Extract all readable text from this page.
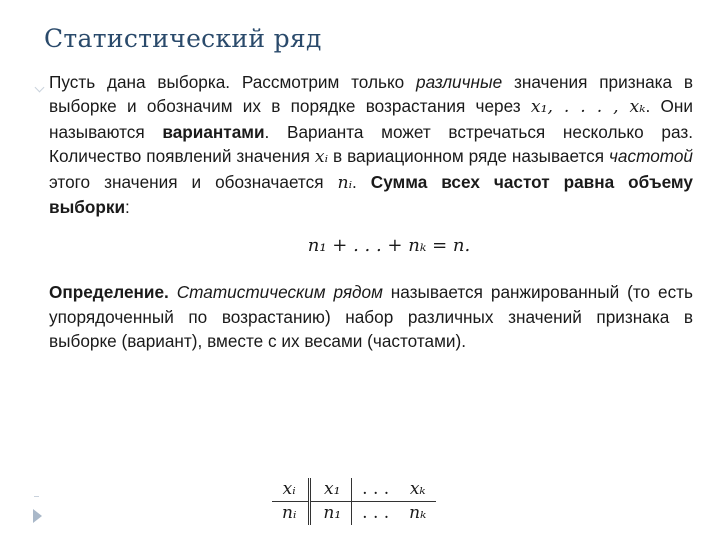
Статистический ряд

Пусть дана выборка. Рассмотрим только различные значения признака в выборке и обозначим их в порядке возрастания через x₁, . . . , xₖ. Они называются вариантами. Варианта может встречаться несколько раз. Количество появлений значения xᵢ в вариационном ряде называется частотой этого значения и обозначается nᵢ. Сумма всех частот равна объему выборки:

n₁ + . . . + nₖ = n.

Определение. Статистическим рядом называется ранжированный (то есть упорядоченный по возрастанию) набор различных значений признака в выборке (вариант), вместе с их весами (частотами).

xᵢ	x₁	. . .	xₖ
nᵢ	n₁	. . .	nₖ
